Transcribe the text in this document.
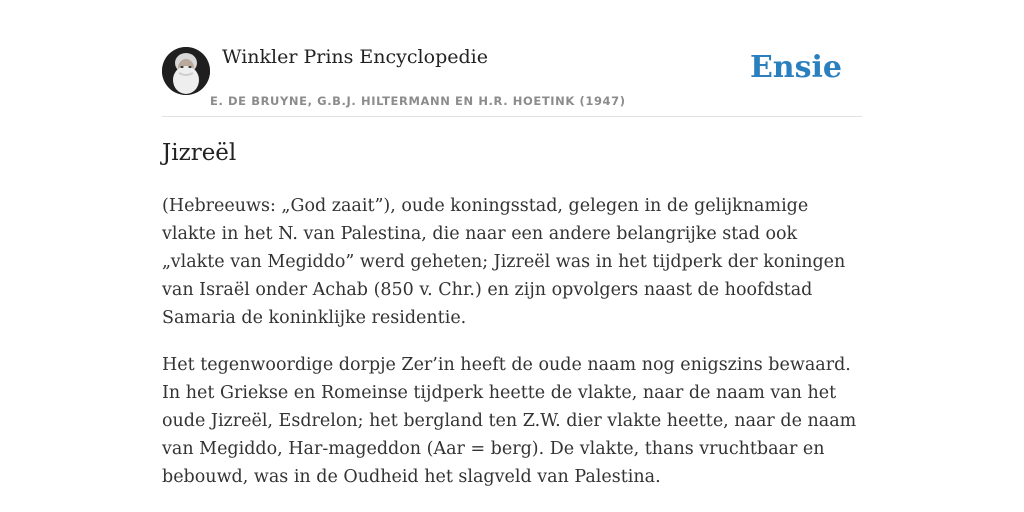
Winkler Prins Encyclopedie
E. DE BRUYNE, G.B.J. HILTERMANN EN H.R. HOETINK (1947)
Ensie
Jizreël

(Hebreeuws: „God zaait”), oude koningsstad, gelegen in de gelijknamige vlakte in het N. van Palestina, die naar een andere belangrijke stad ook „vlakte van Megiddo” werd geheten; Jizreël was in het tijdperk der koningen van Israël onder Achab (850 v. Chr.) en zijn opvolgers naast de hoofdstad Samaria de koninklijke residentie.

Het tegenwoordige dorpje Zer’in heeft de oude naam nog enigszins bewaard. In het Griekse en Romeinse tijdperk heette de vlakte, naar de naam van het oude Jizreël, Esdrelon; het bergland ten Z.W. dier vlakte heette, naar de naam van Megiddo, Har-mageddon (Aar = berg). De vlakte, thans vruchtbaar en bebouwd, was in de Oudheid het slagveld van Palestina.
